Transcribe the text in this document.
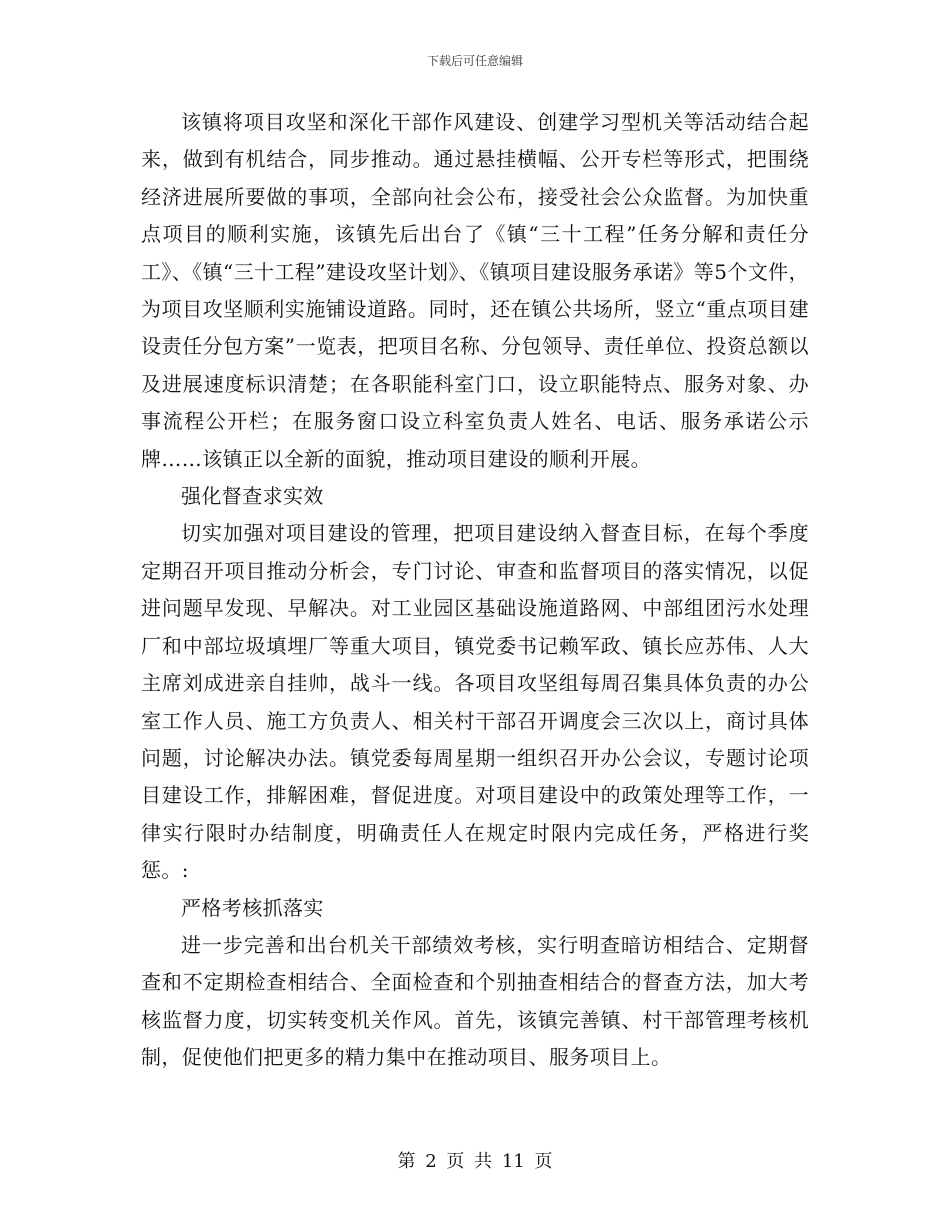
下载后可任意编辑

该镇将项目攻坚和深化干部作风建设、创建学习型机关等活动结合起来，做到有机结合，同步推动。通过悬挂横幅、公开专栏等形式，把围绕经济进展所要做的事项，全部向社会公布，接受社会公众监督。为加快重点项目的顺利实施，该镇先后出台了《镇“三十工程”任务分解和责任分工》、《镇“三十工程”建设攻坚计划》、《镇项目建设服务承诺》等5个文件，为项目攻坚顺利实施铺设道路。同时，还在镇公共场所，竖立“重点项目建设责任分包方案”一览表，把项目名称、分包领导、责任单位、投资总额以及进展速度标识清楚；在各职能科室门口，设立职能特点、服务对象、办事流程公开栏；在服务窗口设立科室负责人姓名、电话、服务承诺公示牌……该镇正以全新的面貌，推动项目建设的顺利开展。

强化督查求实效

切实加强对项目建设的管理，把项目建设纳入督查目标，在每个季度定期召开项目推动分析会，专门讨论、审查和监督项目的落实情况，以促进问题早发现、早解决。对工业园区基础设施道路网、中部组团污水处理厂和中部垃圾填埋厂等重大项目，镇党委书记赖军政、镇长应苏伟、人大主席刘成进亲自挂帅，战斗一线。各项目攻坚组每周召集具体负责的办公室工作人员、施工方负责人、相关村干部召开调度会三次以上，商讨具体问题，讨论解决办法。镇党委每周星期一组织召开办公会议，专题讨论项目建设工作，排解困难，督促进度。对项目建设中的政策处理等工作，一律实行限时办结制度，明确责任人在规定时限内完成任务，严格进行奖惩。:

严格考核抓落实

进一步完善和出台机关干部绩效考核，实行明查暗访相结合、定期督查和不定期检查相结合、全面检查和个别抽查相结合的督查方法，加大考核监督力度，切实转变机关作风。首先，该镇完善镇、村干部管理考核机制，促使他们把更多的精力集中在推动项目、服务项目上。

第 2 页 共 11 页
